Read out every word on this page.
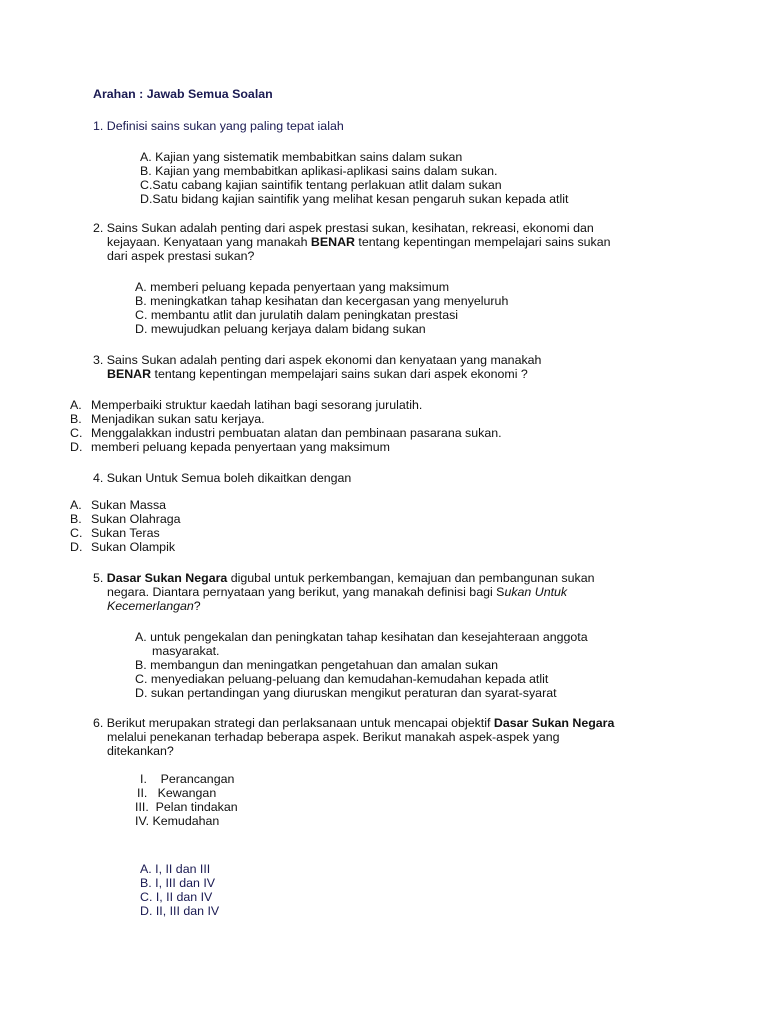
Arahan : Jawab Semua Soalan
1. Definisi sains sukan yang paling tepat ialah
A. Kajian yang sistematik membabitkan sains dalam sukan
B. Kajian yang membabitkan aplikasi-aplikasi sains dalam sukan.
C.Satu cabang kajian saintifik tentang perlakuan atlit dalam sukan
D.Satu bidang kajian saintifik yang melihat kesan pengaruh sukan kepada atlit
2. Sains Sukan adalah penting dari aspek prestasi sukan, kesihatan, rekreasi, ekonomi dan
kejayaan. Kenyataan yang manakah BENAR tentang kepentingan mempelajari sains sukan
dari aspek prestasi sukan?
A. memberi peluang kepada penyertaan yang maksimum
B. meningkatkan tahap kesihatan dan kecergasan yang menyeluruh
C. membantu atlit dan jurulatih dalam peningkatan prestasi
D. mewujudkan peluang kerjaya dalam bidang sukan
3. Sains Sukan adalah penting dari aspek ekonomi dan kenyataan yang manakah
BENAR tentang kepentingan mempelajari sains sukan dari aspek ekonomi ?
A. Memperbaiki struktur kaedah latihan bagi sesorang jurulatih.
B. Menjadikan sukan satu kerjaya.
C. Menggalakkan industri pembuatan alatan dan pembinaan pasarana sukan.
D. memberi peluang kepada penyertaan yang maksimum
4. Sukan Untuk Semua boleh dikaitkan dengan
A. Sukan Massa
B. Sukan Olahraga
C. Sukan Teras
D. Sukan Olampik
5. Dasar Sukan Negara digubal untuk perkembangan, kemajuan dan pembangunan sukan
negara. Diantara pernyataan yang berikut, yang manakah definisi bagi Sukan Untuk
Kecemerlangan?
A. untuk pengekalan dan peningkatan tahap kesihatan dan kesejahteraan anggota
masyarakat.
B. membangun dan meningatkan pengetahuan dan amalan sukan
C. menyediakan peluang-peluang dan kemudahan-kemudahan kepada atlit
D. sukan pertandingan yang diuruskan mengikut peraturan dan syarat-syarat
6. Berikut merupakan strategi dan perlaksanaan untuk mencapai objektif Dasar Sukan Negara
melalui penekanan terhadap beberapa aspek. Berikut manakah aspek-aspek yang
ditekankan?
I.    Perancangan
II.   Kewangan
III.  Pelan tindakan
IV. Kemudahan
A. I, II dan III
B. I, III dan IV
C. I, II dan IV
D. II, III dan IV
